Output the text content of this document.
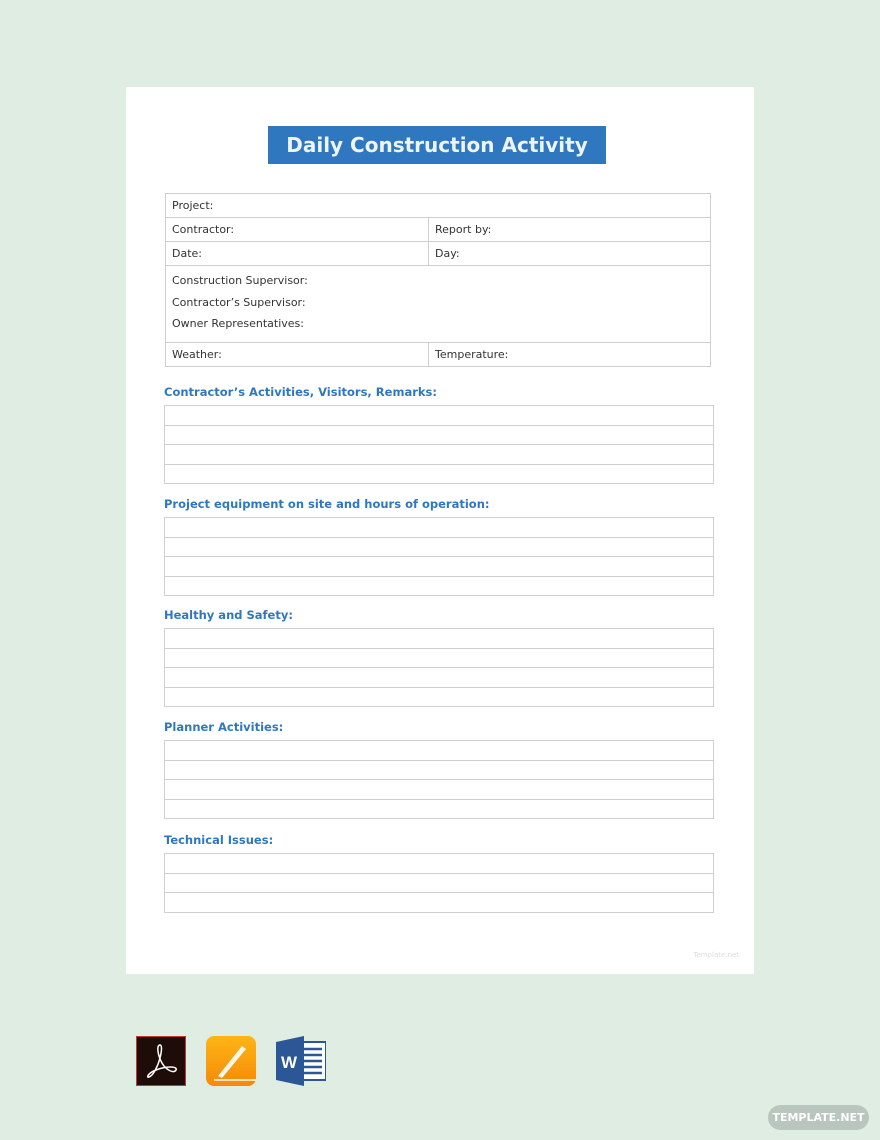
Daily Construction Activity
Project:	
Contractor:	Report by:
Date:	Day:

Construction Supervisor:
Contractor’s Supervisor:
Owner Representatives:	

Weather:	Temperature:
Contractor’s Activities, Visitors, Remarks:
Project equipment on site and hours of operation:
Healthy and Safety:
Planner Activities:
Technical Issues:
Template.net
W
TEMPLATE.NET
